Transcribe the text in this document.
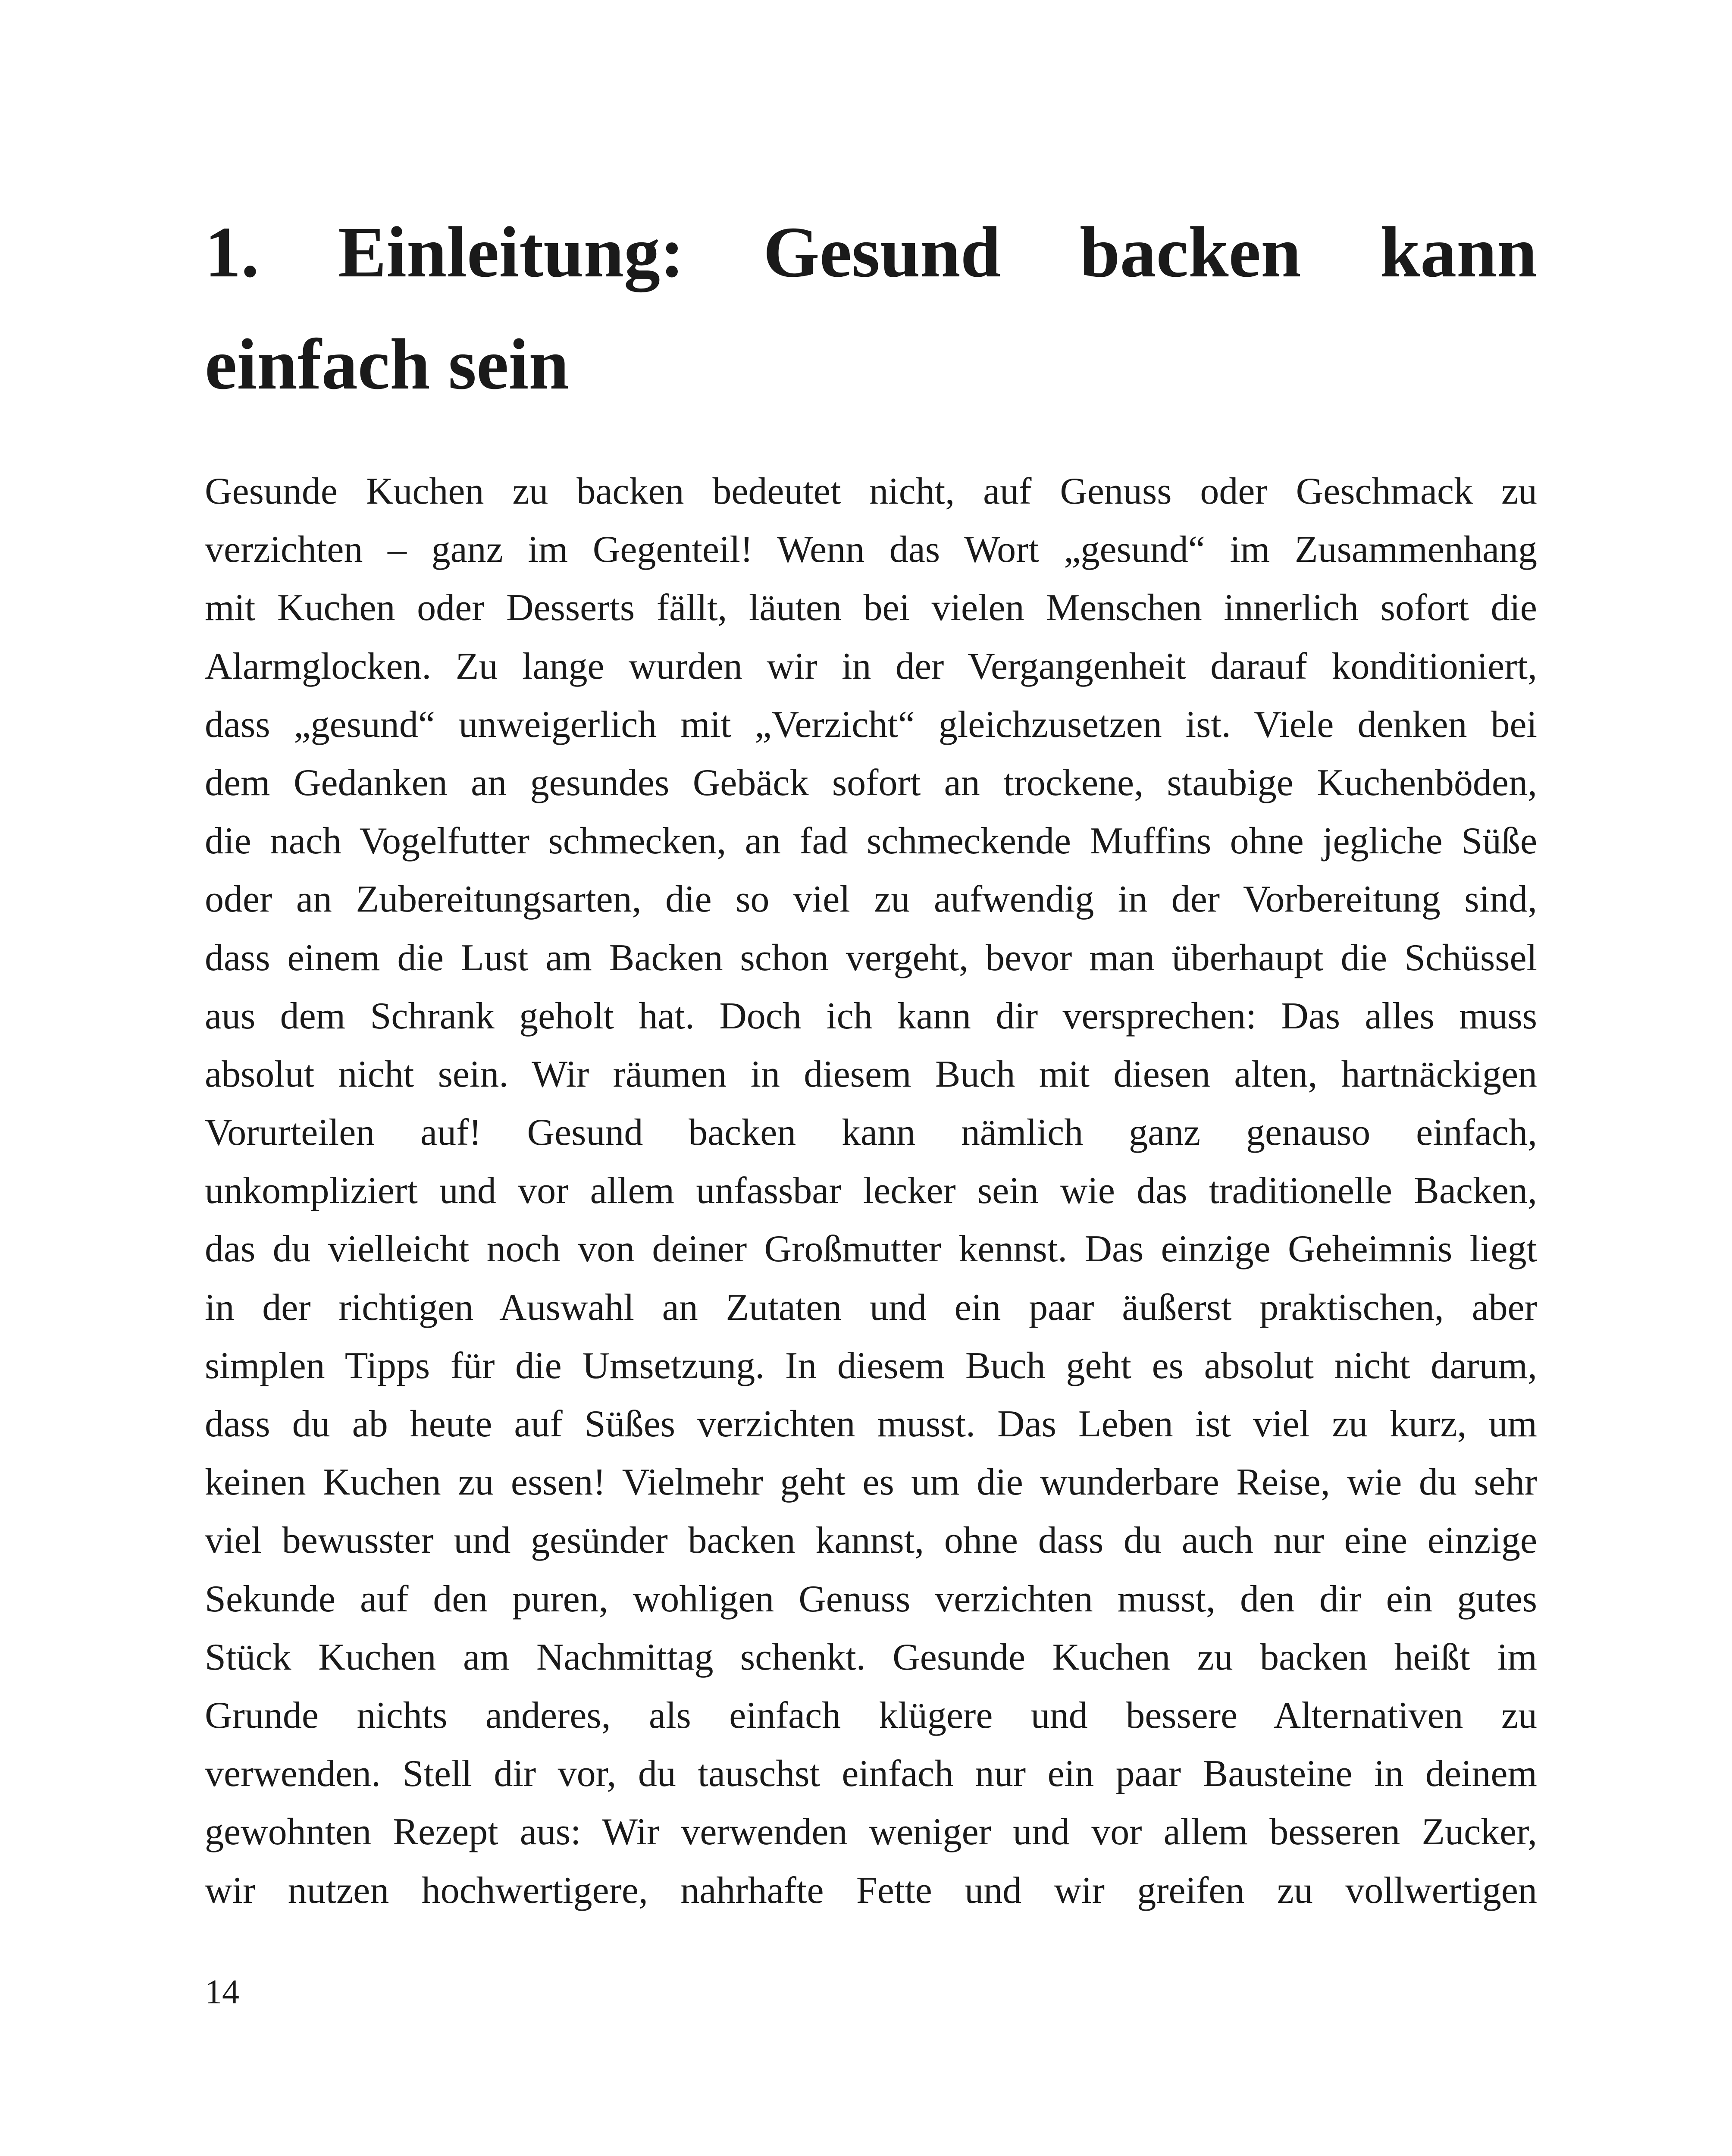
1. Einleitung: Gesund backen kann einfach sein
Gesunde Kuchen zu backen bedeutet nicht, auf Genuss oder Geschmack zu
verzichten – ganz im Gegenteil! Wenn das Wort „gesund“ im Zusammenhang
mit Kuchen oder Desserts fällt, läuten bei vielen Menschen innerlich sofort die
Alarmglocken. Zu lange wurden wir in der Vergangenheit darauf konditioniert,
dass „gesund“ unweigerlich mit „Verzicht“ gleichzusetzen ist. Viele denken bei
dem Gedanken an gesundes Gebäck sofort an trockene, staubige Kuchenböden,
die nach Vogelfutter schmecken, an fad schmeckende Muffins ohne jegliche Süße
oder an Zubereitungsarten, die so viel zu aufwendig in der Vorbereitung sind,
dass einem die Lust am Backen schon vergeht, bevor man überhaupt die Schüssel
aus dem Schrank geholt hat. Doch ich kann dir versprechen: Das alles muss
absolut nicht sein. Wir räumen in diesem Buch mit diesen alten, hartnäckigen
Vorurteilen auf! Gesund backen kann nämlich ganz genauso einfach,
unkompliziert und vor allem unfassbar lecker sein wie das traditionelle Backen,
das du vielleicht noch von deiner Großmutter kennst. Das einzige Geheimnis liegt
in der richtigen Auswahl an Zutaten und ein paar äußerst praktischen, aber
simplen Tipps für die Umsetzung. In diesem Buch geht es absolut nicht darum,
dass du ab heute auf Süßes verzichten musst. Das Leben ist viel zu kurz, um
keinen Kuchen zu essen! Vielmehr geht es um die wunderbare Reise, wie du sehr
viel bewusster und gesünder backen kannst, ohne dass du auch nur eine einzige
Sekunde auf den puren, wohligen Genuss verzichten musst, den dir ein gutes
Stück Kuchen am Nachmittag schenkt. Gesunde Kuchen zu backen heißt im
Grunde nichts anderes, als einfach klügere und bessere Alternativen zu
verwenden. Stell dir vor, du tauschst einfach nur ein paar Bausteine in deinem
gewohnten Rezept aus: Wir verwenden weniger und vor allem besseren Zucker,
wir nutzen hochwertigere, nahrhafte Fette und wir greifen zu vollwertigen
14
